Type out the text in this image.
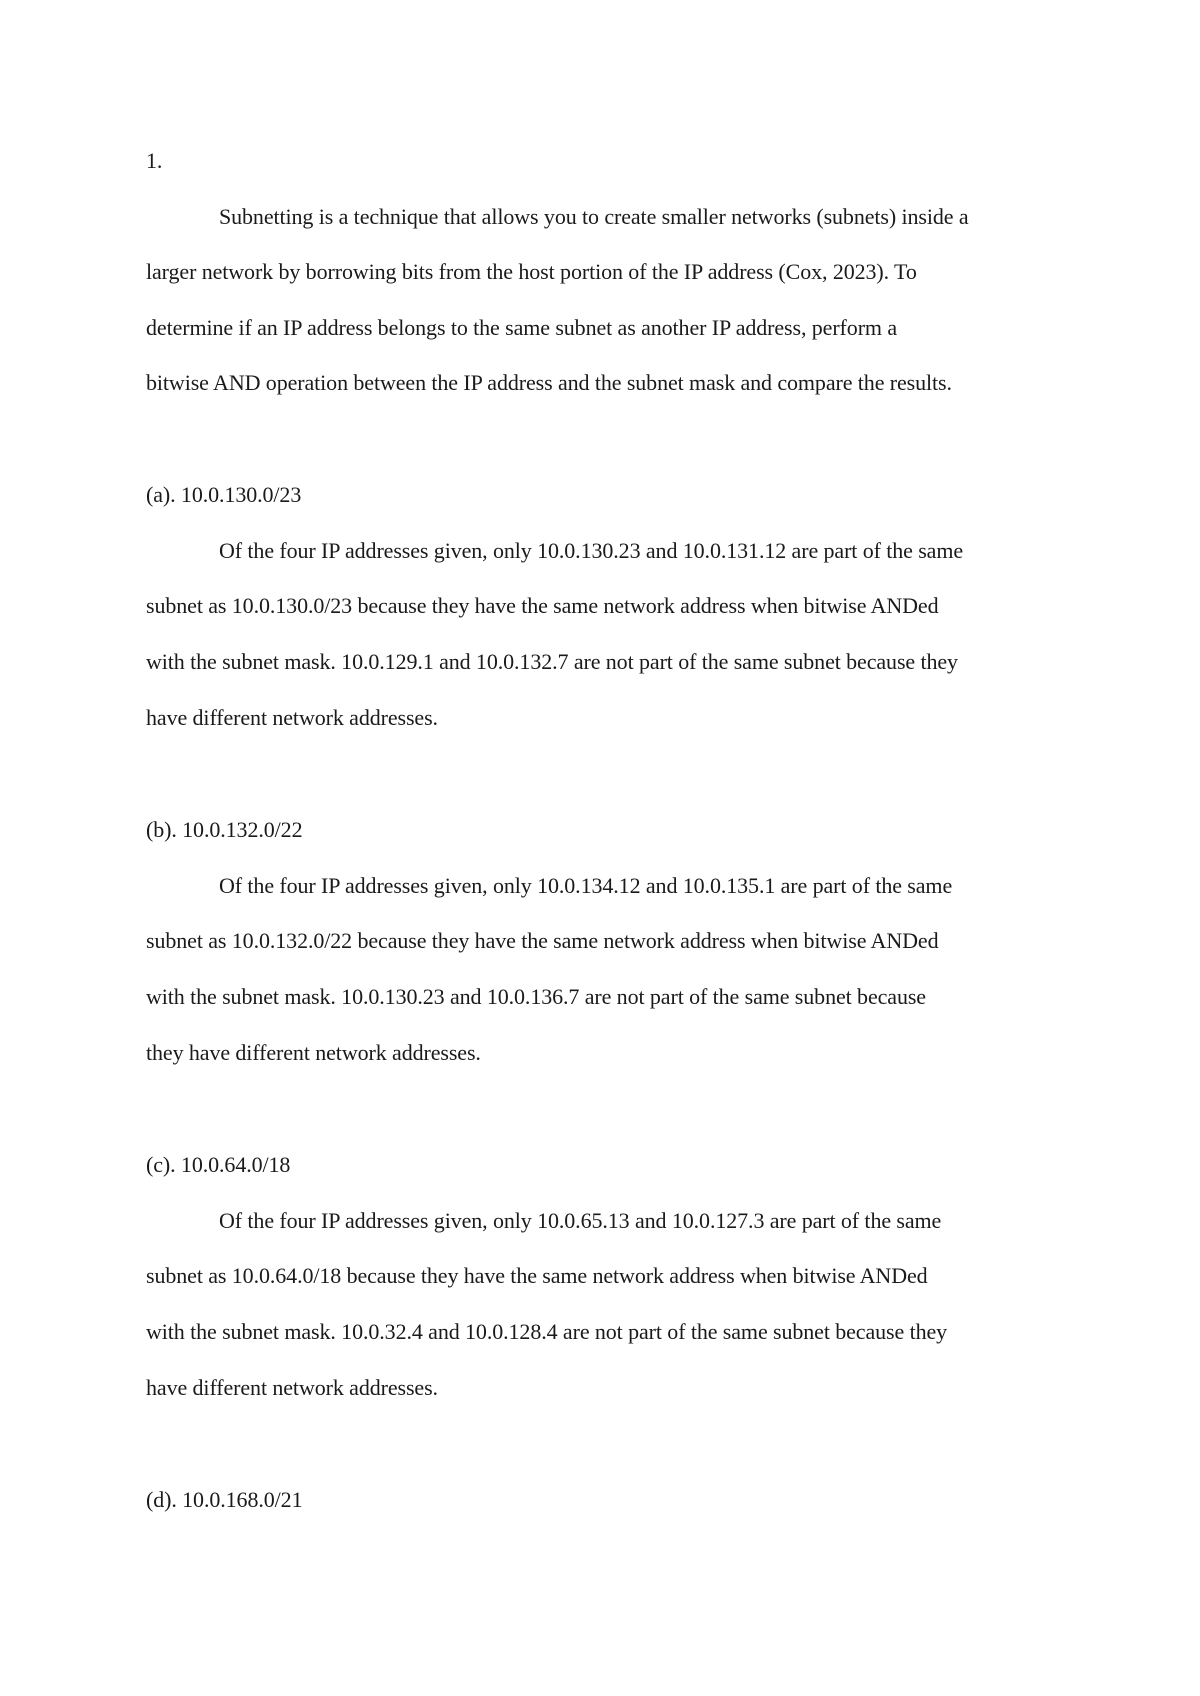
1.
Subnetting is a technique that allows you to create smaller networks (subnets) inside a
larger network by borrowing bits from the host portion of the IP address (Cox, 2023). To
determine if an IP address belongs to the same subnet as another IP address, perform a
bitwise AND operation between the IP address and the subnet mask and compare the results.
(a). 10.0.130.0/23
Of the four IP addresses given, only 10.0.130.23 and 10.0.131.12 are part of the same
subnet as 10.0.130.0/23 because they have the same network address when bitwise ANDed
with the subnet mask. 10.0.129.1 and 10.0.132.7 are not part of the same subnet because they
have different network addresses.
(b). 10.0.132.0/22
Of the four IP addresses given, only 10.0.134.12 and 10.0.135.1 are part of the same
subnet as 10.0.132.0/22 because they have the same network address when bitwise ANDed
with the subnet mask. 10.0.130.23 and 10.0.136.7 are not part of the same subnet because
they have different network addresses.
(c). 10.0.64.0/18
Of the four IP addresses given, only 10.0.65.13 and 10.0.127.3 are part of the same
subnet as 10.0.64.0/18 because they have the same network address when bitwise ANDed
with the subnet mask. 10.0.32.4 and 10.0.128.4 are not part of the same subnet because they
have different network addresses.
(d). 10.0.168.0/21
